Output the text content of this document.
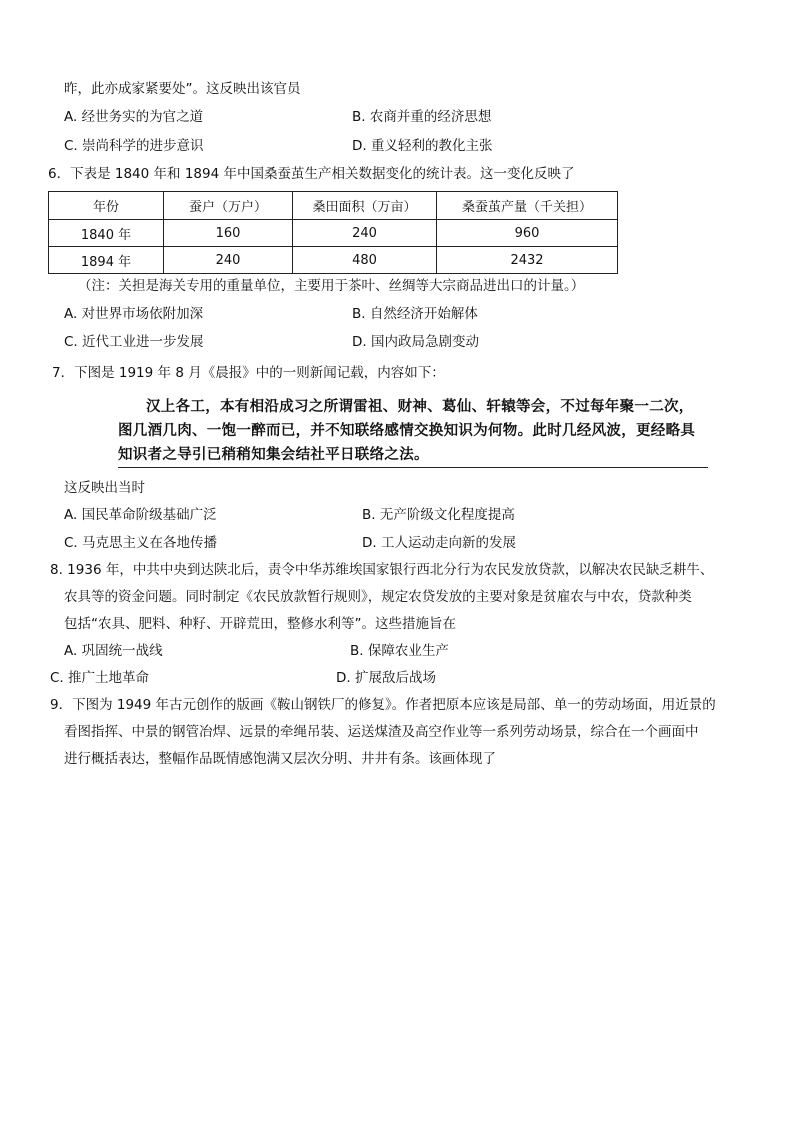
昨，此亦成家紧要处”。这反映出该官员
A. 经世务实的为官之道	B. 农商并重的经济思想
C. 崇尚科学的进步意识	D. 重义轻利的教化主张
6．下表是 1840 年和 1894 年中国桑蚕茧生产相关数据变化的统计表。这一变化反映了
年份	蚕户（万户）	桑田面积（万亩）	桑蚕茧产量（千关担）
1840 年	160	240	960
1894 年	240	480	2432
（注：关担是海关专用的重量单位，主要用于茶叶、丝绸等大宗商品进出口的计量。）
A. 对世界市场依附加深	B. 自然经济开始解体
C. 近代工业进一步发展	D. 国内政局急剧变动
7．下图是 1919 年 8 月《晨报》中的一则新闻记载，内容如下：
汉上各工，本有相沿成习之所谓雷祖、财神、葛仙、轩辕等会，不过每年聚一二次，
图几酒几肉、一饱一醉而已，并不知联络感情交换知识为何物。此时几经风波，更经略具
知识者之导引已稍稍知集会结社平日联络之法。
这反映出当时
A. 国民革命阶级基础广泛	B. 无产阶级文化程度提高
C. 马克思主义在各地传播	D. 工人运动走向新的发展
8. 1936 年，中共中央到达陕北后，责令中华苏维埃国家银行西北分行为农民发放贷款，以解决农民缺乏耕牛、
农具等的资金问题。同时制定《农民放款暂行规则》，规定农贷发放的主要对象是贫雇农与中农，贷款种类
包括“农具、肥料、种籽、开辟荒田，整修水利等”。这些措施旨在
A. 巩固统一战线	B. 保障农业生产
C. 推广土地革命	D. 扩展敌后战场
9．下图为 1949 年古元创作的版画《鞍山钢铁厂的修复》。作者把原本应该是局部、单一的劳动场面，用近景的
看图指挥、中景的钢管冶焊、远景的牵绳吊装、运送煤渣及高空作业等一系列劳动场景，综合在一个画面中
进行概括表达，整幅作品既情感饱满又层次分明、井井有条。该画体现了
